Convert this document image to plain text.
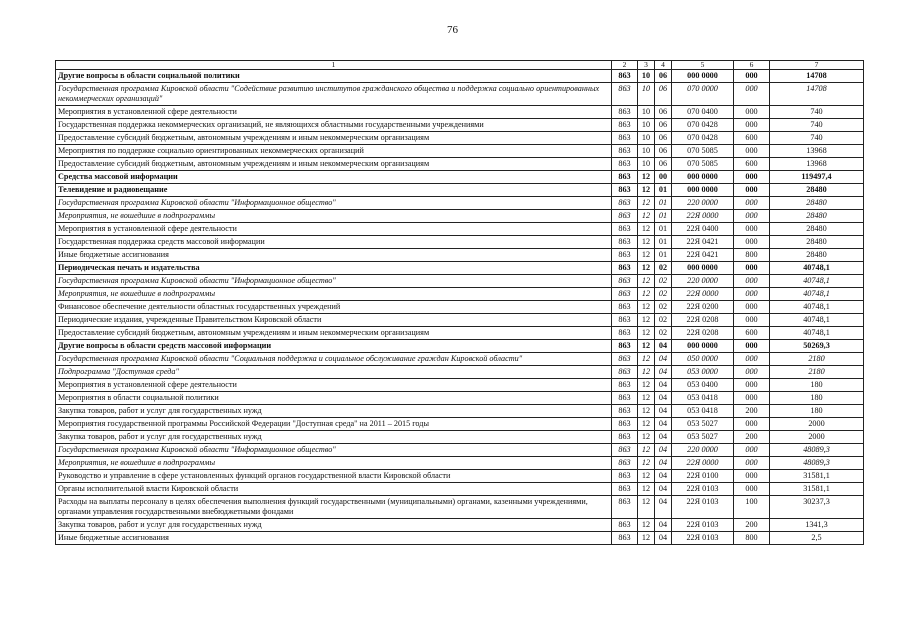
76
1	2	3	4	5	6	7
Другие вопросы в области социальной политики	863	10	06	000 0000	000	14708
Государственная программа Кировской области "Содействие развитию институтов гражданского общества и поддержка социально ориентированных некоммерческих организаций"	863	10	06	070 0000	000	14708
Мероприятия в установленной сфере деятельности	863	10	06	070 0400	000	740
Государственная поддержка некоммерческих организаций, не являющихся областными государственными учреждениями	863	10	06	070 0428	000	740
Предоставление субсидий бюджетным, автономным учреждениям и иным некоммерческим организациям	863	10	06	070 0428	600	740
Мероприятия по поддержке социально ориентированных некоммерческих организаций	863	10	06	070 5085	000	13968
Предоставление субсидий бюджетным, автономным учреждениям и иным некоммерческим организациям	863	10	06	070 5085	600	13968
Средства массовой информации	863	12	00	000 0000	000	119497,4
Телевидение и радиовещание	863	12	01	000 0000	000	28480
Государственная программа Кировской области "Информационное общество"	863	12	01	220 0000	000	28480
Мероприятия, не вошедшие в подпрограммы	863	12	01	22Я 0000	000	28480
Мероприятия в установленной сфере деятельности	863	12	01	22Я 0400	000	28480
Государственная поддержка средств массовой информации	863	12	01	22Я 0421	000	28480
Иные бюджетные ассигнования	863	12	01	22Я 0421	800	28480
Периодическая печать и издательства	863	12	02	000 0000	000	40748,1
Государственная программа Кировской области "Информационное общество"	863	12	02	220 0000	000	40748,1
Мероприятия, не вошедшие в подпрограммы	863	12	02	22Я 0000	000	40748,1
Финансовое обеспечение деятельности областных государственных учреждений	863	12	02	22Я 0200	000	40748,1
Периодические издания, учрежденные Правительством Кировской области	863	12	02	22Я 0208	000	40748,1
Предоставление субсидий бюджетным, автономным учреждениям и иным некоммерческим организациям	863	12	02	22Я 0208	600	40748,1
Другие вопросы в области средств массовой информации	863	12	04	000 0000	000	50269,3
Государственная программа Кировской области "Социальная поддержка и социальное обслуживание граждан Кировской области"	863	12	04	050 0000	000	2180
Подпрограмма "Доступная среда"	863	12	04	053 0000	000	2180
Мероприятия в установленной сфере деятельности	863	12	04	053 0400	000	180
Мероприятия в области социальной политики	863	12	04	053 0418	000	180
Закупка товаров, работ и услуг для государственных нужд	863	12	04	053 0418	200	180
Мероприятия государственной программы Российской Федерации "Доступная среда" на 2011 – 2015 годы	863	12	04	053 5027	000	2000
Закупка товаров, работ и услуг для государственных нужд	863	12	04	053 5027	200	2000
Государственная программа Кировской области "Информационное общество"	863	12	04	220 0000	000	48089,3
Мероприятия, не вошедшие в подпрограммы	863	12	04	22Я 0000	000	48089,3
Руководство и управление в сфере установленных функций органов государственной власти Кировской области	863	12	04	22Я 0100	000	31581,1
Органы исполнительной власти Кировской области	863	12	04	22Я 0103	000	31581,1
Расходы на выплаты персоналу в целях обеспечения выполнения функций государственными (муниципальными) органами, казенными учреждениями, органами управления государственными внебюджетными фондами	863	12	04	22Я 0103	100	30237,3
Закупка товаров, работ и услуг для государственных нужд	863	12	04	22Я 0103	200	1341,3
Иные бюджетные ассигнования	863	12	04	22Я 0103	800	2,5
